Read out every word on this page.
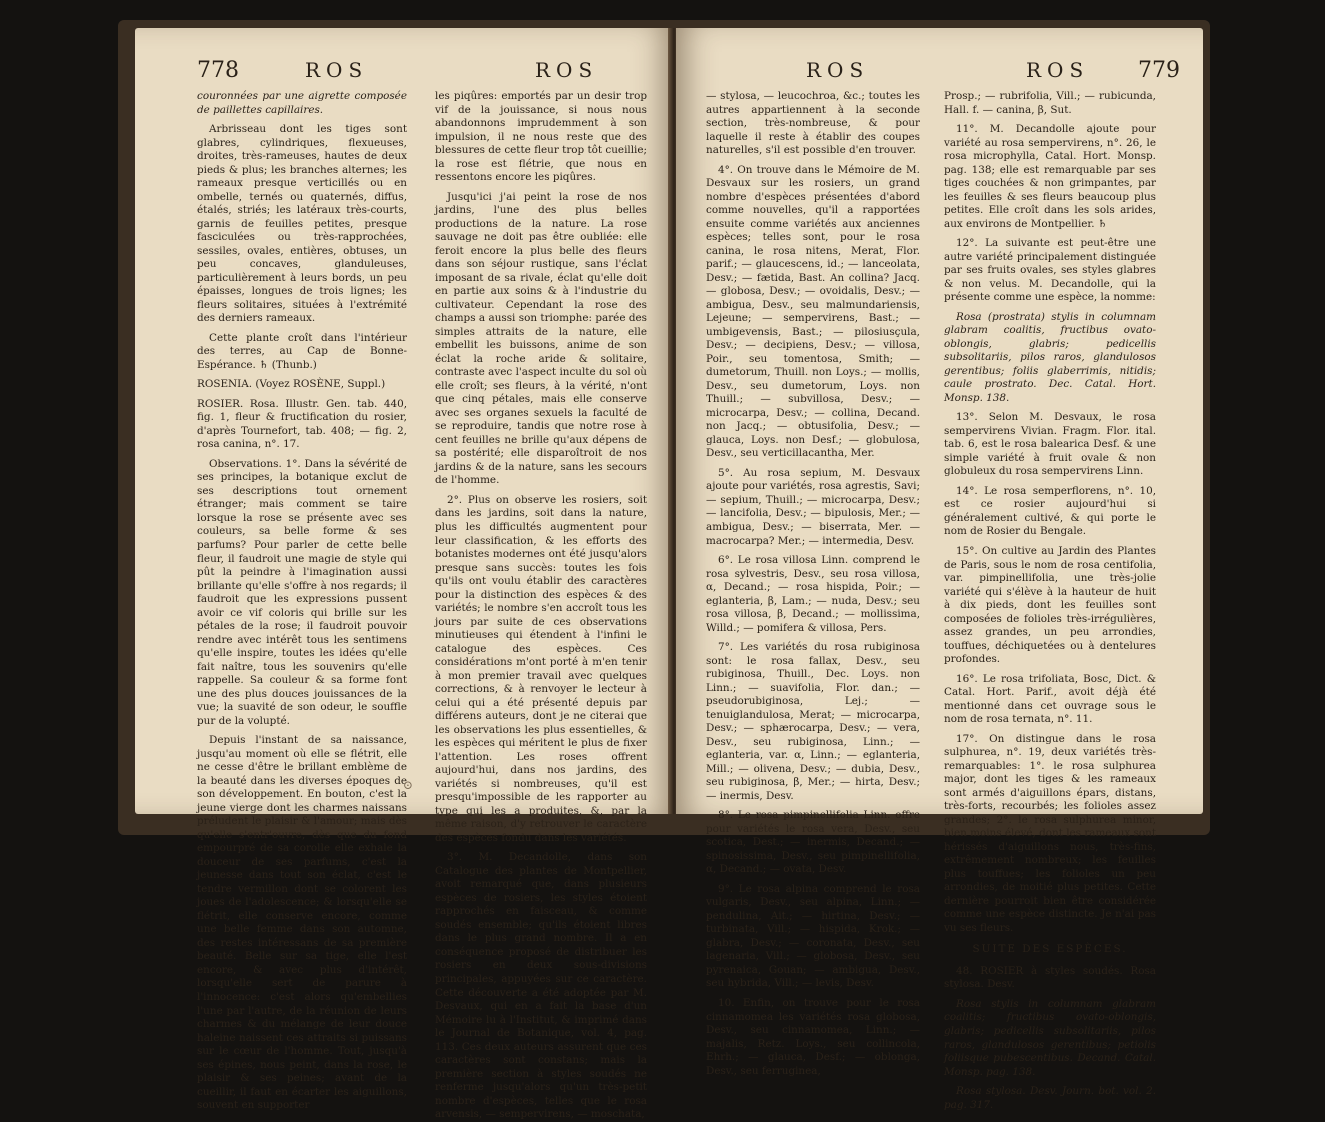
778	ROS	ROS

couronnées par une aigrette composée de paillettes capillaires.

Arbrisseau dont les tiges sont glabres, cylindriques, flexueuses, droites, très-rameuses, hautes de deux pieds & plus; les branches alternes; les rameaux presque verticillés ou en ombelle, ternés ou quaternés, diffus, étalés, striés; les latéraux très-courts, garnis de feuilles petites, presque fasciculées ou très-rapprochées, sessiles, ovales, entières, obtuses, un peu concaves, glanduleuses, particulièrement à leurs bords, un peu épaisses, longues de trois lignes; les fleurs solitaires, situées à l'extrémité des derniers rameaux.

Cette plante croît dans l'intérieur des terres, au Cap de Bonne-Espérance. ♄ (Thunb.)

ROSENIA. (Voyez ROSÈNE, Suppl.)

ROSIER. Rosa. Illustr. Gen. tab. 440, fig. 1, fleur & fructification du rosier, d'après Tournefort, tab. 408; — fig. 2, rosa canina, n°. 17.

Observations. 1°. Dans la sévérité de ses principes, la botanique exclut de ses descriptions tout ornement étranger; mais comment se taire lorsque la rose se présente avec ses couleurs, sa belle forme & ses parfums? Pour parler de cette belle fleur, il faudroit une magie de style qui pût la peindre à l'imagination aussi brillante qu'elle s'offre à nos regards; il faudroit que les expressions pussent avoir ce vif coloris qui brille sur les pétales de la rose; il faudroit pouvoir rendre avec intérêt tous les sentimens qu'elle inspire, toutes les idées qu'elle fait naître, tous les souvenirs qu'elle rappelle. Sa couleur & sa forme font une des plus douces jouissances de la vue; la suavité de son odeur, le souffle pur de la volupté.

Depuis l'instant de sa naissance, jusqu'au moment où elle se flétrit, elle ne cesse d'être le brillant emblème de la beauté dans les diverses époques de son développement. En bouton, c'est la jeune vierge dont les charmes naissans préludent le plaisir & l'amour; mais dès qu'elle s'entr'ouvre, dès que du fond empourpré de sa corolle elle exhale la douceur de ses parfums, c'est la jeunesse dans tout son éclat, c'est le tendre vermillon dont se colorent les joues de l'adolescence; & lorsqu'elle se flétrit, elle conserve encore, comme une belle femme dans son automne, des restes intéressans de sa première beauté. Belle sur sa tige, elle l'est encore, & avec plus d'intérêt, lorsqu'elle sert de parure à l'innocence: c'est alors qu'embellies l'une par l'autre, de la réunion de leurs charmes & du mélange de leur douce haleine naissent ces attraits si puissans sur le cœur de l'homme. Tout, jusqu'à ses épines, nous peint, dans la rose, le plaisir & ses peines; avant de la cueillir, il faut en écarter les aiguillons, souvent en supporter

les piqûres: emportés par un desir trop vif de la jouissance, si nous nous abandonnons imprudemment à son impulsion, il ne nous reste que des blessures de cette fleur trop tôt cueillie; la rose est flétrie, que nous en ressentons encore les piqûres.

Jusqu'ici j'ai peint la rose de nos jardins, l'une des plus belles productions de la nature. La rose sauvage ne doit pas être oubliée: elle feroit encore la plus belle des fleurs dans son séjour rustique, sans l'éclat imposant de sa rivale, éclat qu'elle doit en partie aux soins & à l'industrie du cultivateur. Cependant la rose des champs a aussi son triomphe: parée des simples attraits de la nature, elle embellit les buissons, anime de son éclat la roche aride & solitaire, contraste avec l'aspect inculte du sol où elle croît; ses fleurs, à la vérité, n'ont que cinq pétales, mais elle conserve avec ses organes sexuels la faculté de se reproduire, tandis que notre rose à cent feuilles ne brille qu'aux dépens de sa postérité; elle disparoîtroit de nos jardins & de la nature, sans les secours de l'homme.

2°. Plus on observe les rosiers, soit dans les jardins, soit dans la nature, plus les difficultés augmentent pour leur classification, & les efforts des botanistes modernes ont été jusqu'alors presque sans succès: toutes les fois qu'ils ont voulu établir des caractères pour la distinction des espèces & des variétés; le nombre s'en accroît tous les jours par suite de ces observations minutieuses qui étendent à l'infini le catalogue des espèces. Ces considérations m'ont porté à m'en tenir à mon premier travail avec quelques corrections, & à renvoyer le lecteur à celui qui a été présenté depuis par différens auteurs, dont je ne citerai que les observations les plus essentielles, & les espèces qui méritent le plus de fixer l'attention. Les roses offrent aujourd'hui, dans nos jardins, des variétés si nombreuses, qu'il est presqu'impossible de les rapporter au type qui les a produites, &, par la même raison, d'y retrouver le caractère des espèces fondu dans les variétés.

3°. M. Decandolle, dans son Catalogue des plantes de Montpellier, avoit remarqué que, dans plusieurs espèces de rosiers, les styles étoient rapprochés en faisceau, & comme soudés ensemble; qu'ils étoient libres dans le plus grand nombre. Il a en conséquence proposé de distribuer les rosiers en deux sous-divisions principales, appuyées sur ce caractère. Cette découverte a été adoptée par M. Desvaux, qui en a fait la base d'un Mémoire lu à l'Institut, & imprimé dans le Journal de Botanique, vol. 4, pag. 113. Ces deux auteurs assurent que ces caractères sont constans; mais la première section à styles soudés ne renferme jusqu'alors qu'un très-petit nombre d'espèces, telles que le rosa arvensis, — sempervirens, — moschata,

⊙
ROS	ROS 779

— stylosa, — leucochroa, &c.; toutes les autres appartiennent à la seconde section, très-nombreuse, & pour laquelle il reste à établir des coupes naturelles, s'il est possible d'en trouver.

4°. On trouve dans le Mémoire de M. Desvaux sur les rosiers, un grand nombre d'espèces présentées d'abord comme nouvelles, qu'il a rapportées ensuite comme variétés aux anciennes espèces; telles sont, pour le rosa canina, le rosa nitens, Merat, Flor. parif.; — glaucescens, id.; — lanceolata, Desv.; — fætida, Bast. An collina? Jacq. — globosa, Desv.; — ovoidalis, Desv.; — ambigua, Desv., seu malmundariensis, Lejeune; — sempervirens, Bast.; — umbigevensis, Bast.; — pilosiusçula, Desv.; — decipiens, Desv.; — villosa, Poir., seu tomentosa, Smith; — dumetorum, Thuill. non Loys.; — mollis, Desv., seu dumetorum, Loys. non Thuill.; — subvillosa, Desv.; — microcarpa, Desv.; — collina, Decand. non Jacq.; — obtusifolia, Desv.; — glauca, Loys. non Desf.; — globulosa, Desv., seu verticillacantha, Mer.

5°. Au rosa sepium, M. Desvaux ajoute pour variétés, rosa agrestis, Savi; — sepium, Thuill.; — microcarpa, Desv.; — lancifolia, Desv.; — bipulosis, Mer.; — ambigua, Desv.; — biserrata, Mer. — macrocarpa? Mer.; — intermedia, Desv.

6°. Le rosa villosa Linn. comprend le rosa sylvestris, Desv., seu rosa villosa, α, Decand.; — rosa hispida, Poir.; — eglanteria, β, Lam.; — nuda, Desv.; seu rosa villosa, β, Decand.; — mollissima, Willd.; — pomifera & villosa, Pers.

7°. Les variétés du rosa rubiginosa sont: le rosa fallax, Desv., seu rubiginosa, Thuill., Dec. Loys. non Linn.; — suavifolia, Flor. dan.; — pseudorubiginosa, Lej.; — tenuiglandulosa, Merat; — microcarpa, Desv.; — sphærocarpa, Desv.; — vera, Desv., seu rubiginosa, Linn.; — eglanteria, var. α, Linn.; — eglanteria, Mill.; — olivena, Desv.; — dubia, Desv., seu rubiginosa, β, Mer.; — hirta, Desv.; — inermis, Desv.

8°. Le rosa pimpinellifolia Linn. offre pour variétés le rosa vera, Desv., seu scotica, Dest.; — inermis, Decand.; — spinosissima, Desv., seu pimpinellifolia, α, Decand.; — ovata, Desv.

9°. Le rosa alpina comprend le rosa vulgaris, Desv., seu alpina, Linn.; — pendulina, Ait.; — hirtina, Desv.; — turbinata, Vill.; — hispida, Krok.; — glabra, Desv.; — coronata, Desv., seu lagenaria, Vill.; — globosa, Desv., seu pyrenaica, Gouan; — ambigua, Desv., seu hybrida, Vill.; — levis, Desv.

10. Enfin, on trouve pour le rosa cinnamomea les variétés rosa globosa, Desv., seu cinnamomea, Linn.; — majalis, Retz. Loys., seu collincola, Ehrh.; — glauca, Desf.; — oblonga, Desv., seu ferruginea,

Prosp.; — rubrifolia, Vill.; — rubicunda, Hall. f. — canina, β, Sut.

11°. M. Decandolle ajoute pour variété au rosa sempervirens, n°. 26, le rosa microphylla, Catal. Hort. Monsp. pag. 138; elle est remarquable par ses tiges couchées & non grimpantes, par les feuilles & ses fleurs beaucoup plus petites. Elle croît dans les sols arides, aux environs de Montpellier. ♄

12°. La suivante est peut-être une autre variété principalement distinguée par ses fruits ovales, ses styles glabres & non velus. M. Decandolle, qui la présente comme une espèce, la nomme:

Rosa (prostrata) stylis in columnam glabram coalitis, fructibus ovato-oblongis, glabris; pedicellis subsolitariis, pilos raros, glandulosos gerentibus; foliis glaberrimis, nitidis; caule prostrato. Dec. Catal. Hort. Monsp. 138.

13°. Selon M. Desvaux, le rosa sempervirens Vivian. Fragm. Flor. ital. tab. 6, est le rosa balearica Desf. & une simple variété à fruit ovale & non globuleux du rosa sempervirens Linn.

14°. Le rosa semperflorens, n°. 10, est ce rosier aujourd'hui si généralement cultivé, & qui porte le nom de Rosier du Bengale.

15°. On cultive au Jardin des Plantes de Paris, sous le nom de rosa centifolia, var. pimpinellifolia, une très-jolie variété qui s'élève à la hauteur de huit à dix pieds, dont les feuilles sont composées de folioles très-irrégulières, assez grandes, un peu arrondies, touffues, déchiquetées ou à dentelures profondes.

16°. Le rosa trifoliata, Bosc, Dict. & Catal. Hort. Parif., avoit déjà été mentionné dans cet ouvrage sous le nom de rosa ternata, n°. 11.

17°. On distingue dans le rosa sulphurea, n°. 19, deux variétés très-remarquables: 1°. le rosa sulphurea major, dont les tiges & les rameaux sont armés d'aiguillons épars, distans, très-forts, recourbés; les folioles assez grandes; 2°. le rosa sulphurea minor, bien moins élevé, dont les rameaux sont hérissés d'aiguillons nous, très-fins, extrêmement nombreux; les feuilles plus touffues; les folioles un peu arrondies, de moitié plus petites. Cette dernière pourroit bien être considérée comme une espèce distincte. Je n'ai pas vu ses fleurs.

SUITE DES ESPÈCES.

48. ROSIER à styles soudés. Rosa stylosa. Desv.

Rosa stylis in columnam glabram coalitis; fructibus ovato-oblongis, glabris; pedicellis subsolitariis, pilos raros, glandulosos gerentibus; petiolis foliisque pubescentibus. Decand. Catal. Monsp. pag. 138.

Rosa stylosa. Desv. Journ. bot. vol. 2. pag. 317.
